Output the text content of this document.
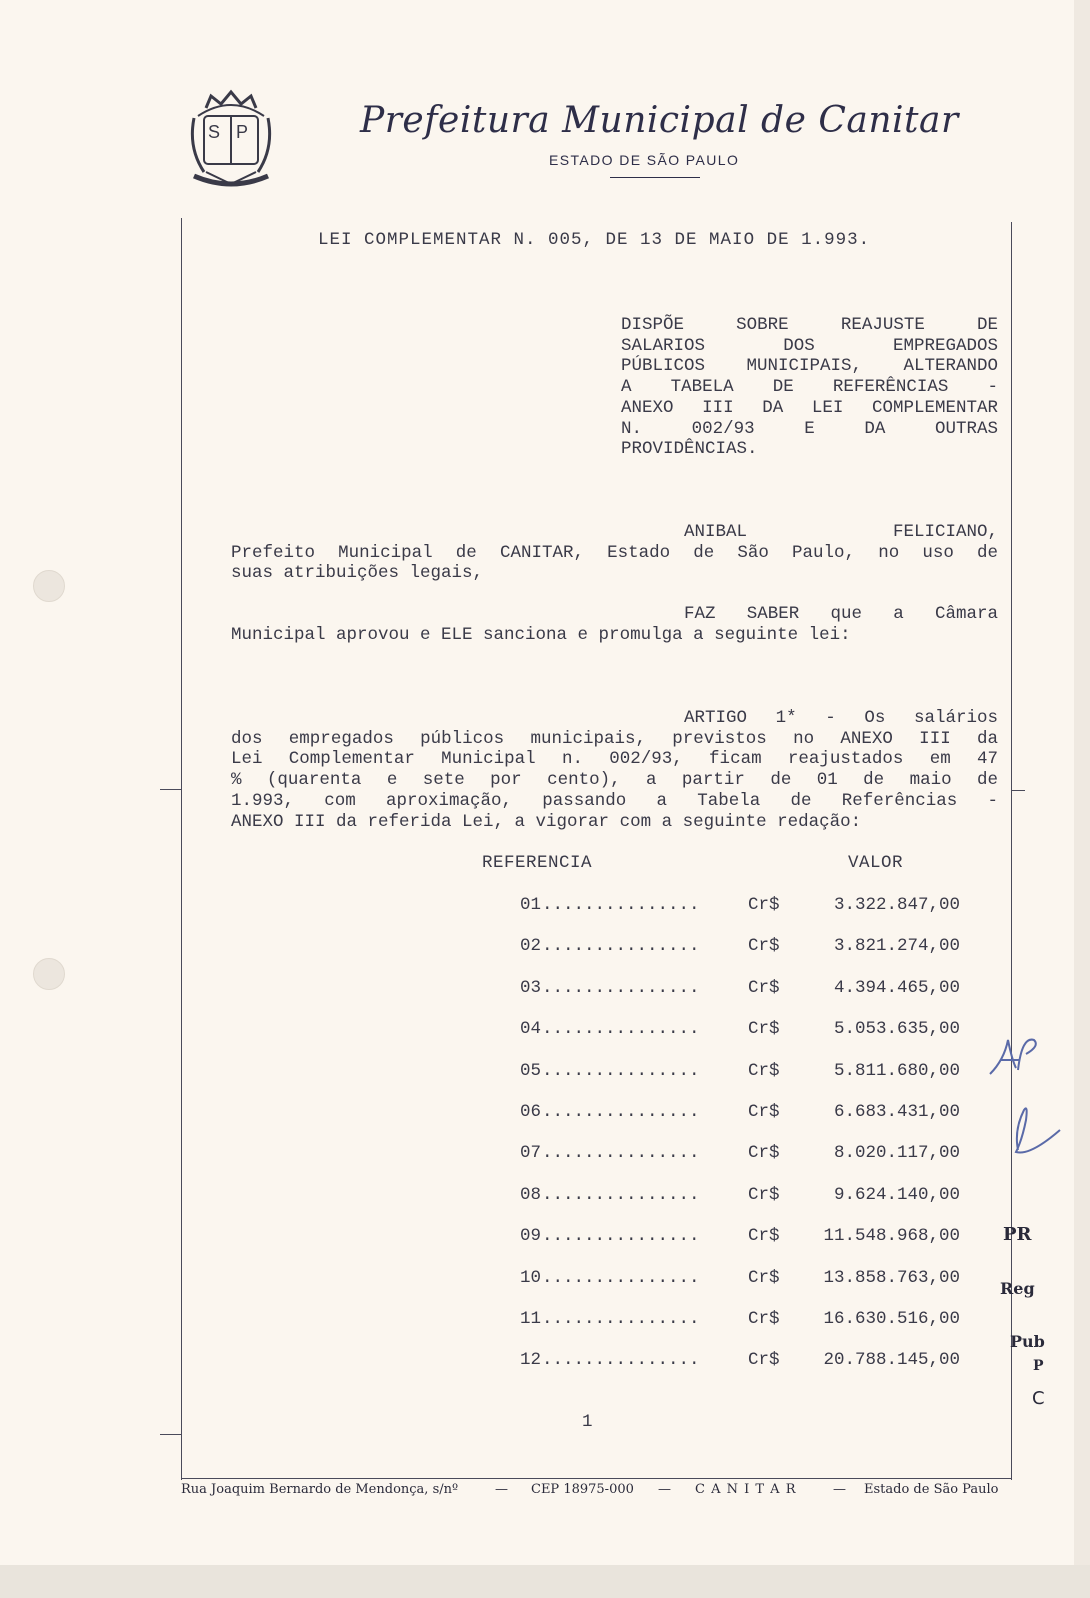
S P	Prefeitura Municipal de Canitar
ESTADO DE SÃO PAULO
LEI COMPLEMENTAR N. 005, DE 13 DE MAIO DE 1.993.
DISPÕE SOBRE REAJUSTE DE
SALARIOS DOS EMPREGADOS
PÚBLICOS MUNICIPAIS, ALTERANDO
A TABELA DE REFERÊNCIAS -
ANEXO III DA LEI COMPLEMENTAR
N. 002/93 E DA OUTRAS
PROVIDÊNCIAS.
ANIBAL FELICIANO,
Prefeito Municipal de CANITAR, Estado de São Paulo, no uso de
suas atribuições legais,
FAZ SABER que a Câmara
Municipal aprovou e ELE sanciona e promulga a seguinte lei:
ARTIGO 1* - Os salários
dos empregados públicos municipais, previstos no ANEXO III da
Lei Complementar Municipal n. 002/93, ficam reajustados em 47
% (quarenta e sete por cento), a partir de 01 de maio de
1.993, com aproximação, passando a Tabela de Referências -
ANEXO III da referida Lei, a vigorar com a seguinte redação:
REFERENCIA	VALOR
01 ...............	Cr$	3.322.847,00
02 ...............	Cr$	3.821.274,00
03 ...............	Cr$	4.394.465,00
04 ...............	Cr$	5.053.635,00
05 ...............	Cr$	5.811.680,00
06 ...............	Cr$	6.683.431,00
07 ...............	Cr$	8.020.117,00
08 ...............	Cr$	9.624.140,00
09 ...............	Cr$	11.548.968,00
10 ...............	Cr$	13.858.763,00
11 ...............	Cr$	16.630.516,00
12 ...............	Cr$	20.788.145,00
1
Rua Joaquim Bernardo de Mendonça, s/nº	— CEP 18975-000 — C A N I T A R	— Estado de São Paulo
PR
Reg
Pub
P
C
